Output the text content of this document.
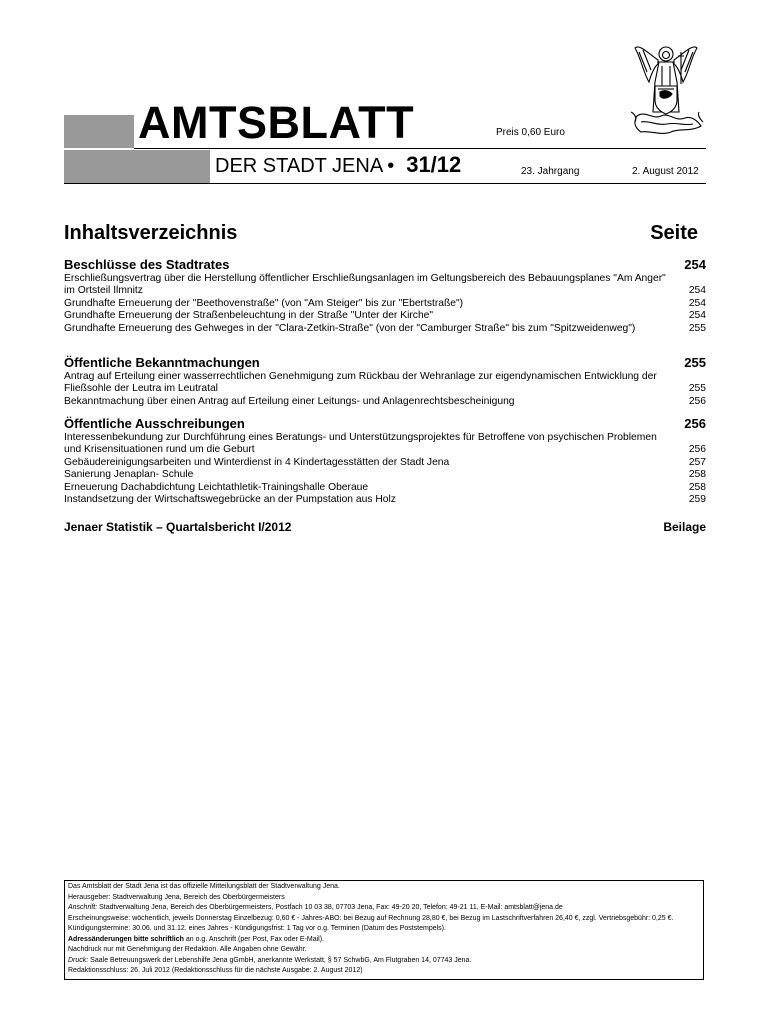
AMTSBLATT	Preis 0,60 Euro
DER STADT JENA • 31/12	23. Jahrgang	2. August 2012
Inhaltsverzeichnis	Seite
Beschlüsse des Stadtrates	254
Erschließungsvertrag über die Herstellung öffentlicher Erschließungsanlagen im Geltungsbereich des Bebauungsplanes "Am Anger" im Ortsteil Ilmnitz	254
Grundhafte Erneuerung der "Beethovenstraße" (von "Am Steiger" bis zur "Ebertstraße")	254
Grundhafte Erneuerung der Straßenbeleuchtung in der Straße "Unter der Kirche"	254
Grundhafte Erneuerung des Gehweges in der "Clara-Zetkin-Straße" (von der "Camburger Straße" bis zum "Spitzweidenweg")	255
Öffentliche Bekanntmachungen	255
Antrag auf Erteilung einer wasserrechtlichen Genehmigung zum Rückbau der Wehranlage zur eigendynamischen Entwicklung der Fließsohle der Leutra im Leutratal	255
Bekanntmachung über einen Antrag auf Erteilung einer Leitungs- und Anlagenrechtsbescheinigung	256
Öffentliche Ausschreibungen	256
Interessenbekundung zur Durchführung eines Beratungs- und Unterstützungsprojektes für Betroffene von psychischen Problemen und Krisensituationen rund um die Geburt	256
Gebäudereinigungsarbeiten und Winterdienst in 4 Kindertagesstätten der Stadt Jena	257
Sanierung Jenaplan- Schule	258
Erneuerung Dachabdichtung Leichtathletik-Trainingshalle Oberaue	258
Instandsetzung der Wirtschaftswegebrücke an der Pumpstation aus Holz	259
Jenaer Statistik – Quartalsbericht I/2012	Beilage

Das Amtsblatt der Stadt Jena ist das offizielle Mitteilungsblatt der Stadtverwaltung Jena.

Herausgeber: Stadtverwaltung Jena, Bereich des Oberbürgermeisters

Anschrift: Stadtverwaltung Jena, Bereich des Oberbürgermeisters, Postfach 10 03 38, 07703 Jena, Fax: 49-20 20, Telefon: 49-21 11, E-Mail: amtsblatt@jena.de

Erscheinungsweise: wöchentlich, jeweils Donnerstag Einzelbezug: 0,60 € - Jahres-ABO: bei Bezug auf Rechnung 28,80 €, bei Bezug im Lastschriftverfahren 26,40 €, zzgl. Vertriebsgebühr: 0,25 €. Kündigungstermine: 30.06. und 31.12. eines Jahres - Kündigungsfrist: 1 Tag vor o.g. Terminen (Datum des Poststempels).

Adressänderungen bitte schriftlich an o.g. Anschrift (per Post, Fax oder E-Mail).

Nachdruck nur mit Genehmigung der Redaktion. Alle Angaben ohne Gewähr.

Druck: Saale Betreuungswerk der Lebenshilfe Jena gGmbH, anerkannte Werkstatt, § 57 SchwbG, Am Flutgraben 14, 07743 Jena.

Redaktionsschluss: 26. Juli 2012 (Redaktionsschluss für die nächste Ausgabe: 2. August 2012)
